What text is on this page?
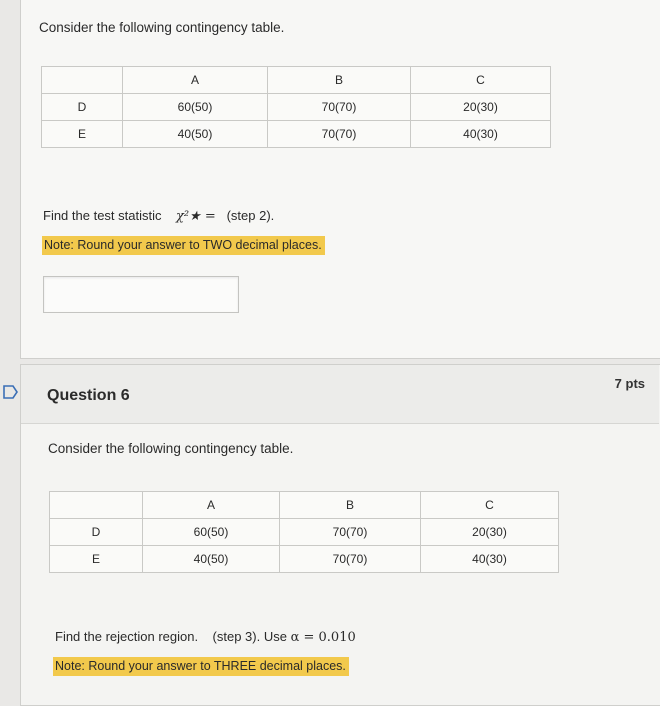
Consider the following contingency table.
	A	B	C
D	60(50)	70(70)	20(30)
E	40(50)	70(70)	40(30)
Find the test statistic χ²★ = (step 2).
Note: Round your answer to TWO decimal places.
Question 6
7 pts
Consider the following contingency table.
	A	B	C
D	60(50)	70(70)	20(30)
E	40(50)	70(70)	40(30)
Find the rejection region. (step 3). Use α = 0.010
Note: Round your answer to THREE decimal places.
